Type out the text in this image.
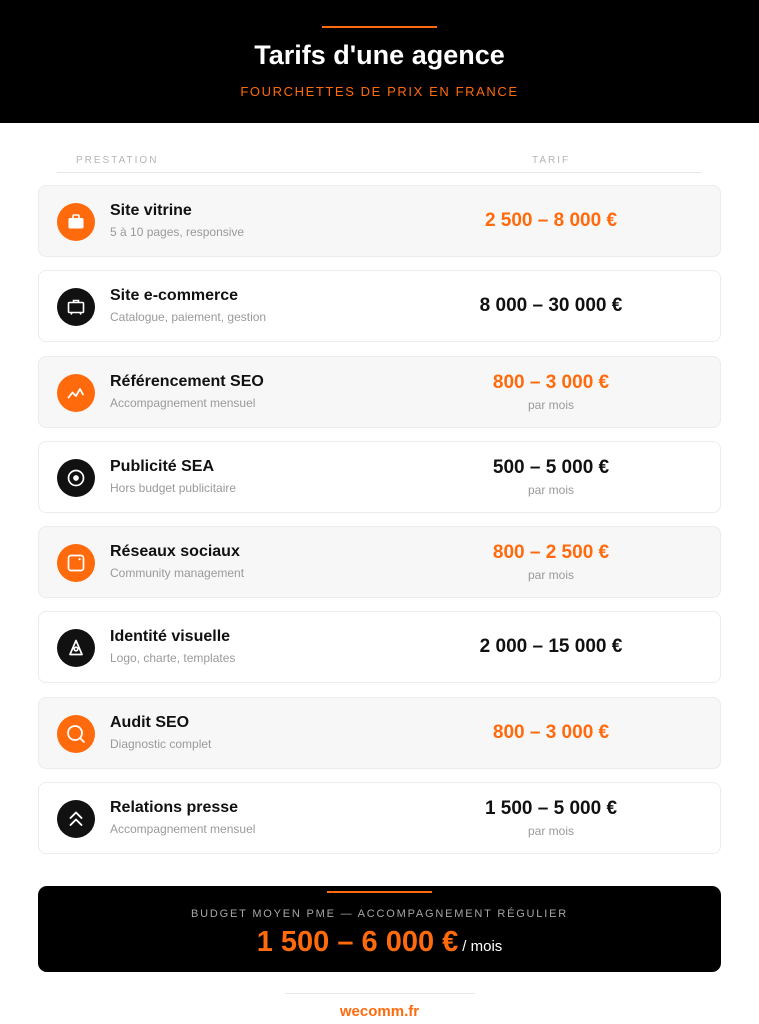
Tarifs d'une agence
FOURCHETTES DE PRIX EN FRANCE
PRESTATION	TARIF
Site vitrine
5 à 10 pages, responsive
2 500 – 8 000 €
Site e-commerce
Catalogue, paiement, gestion
8 000 – 30 000 €
Référencement SEO
Accompagnement mensuel
800 – 3 000 €
par mois
Publicité SEA
Hors budget publicitaire
500 – 5 000 €
par mois
Réseaux sociaux
Community management
800 – 2 500 €
par mois
Identité visuelle
Logo, charte, templates
2 000 – 15 000 €
Audit SEO
Diagnostic complet
800 – 3 000 €
Relations presse
Accompagnement mensuel
1 500 – 5 000 €
par mois
BUDGET MOYEN PME — ACCOMPAGNEMENT RÉGULIER
1 500 – 6 000 € / mois
wecomm.fr
